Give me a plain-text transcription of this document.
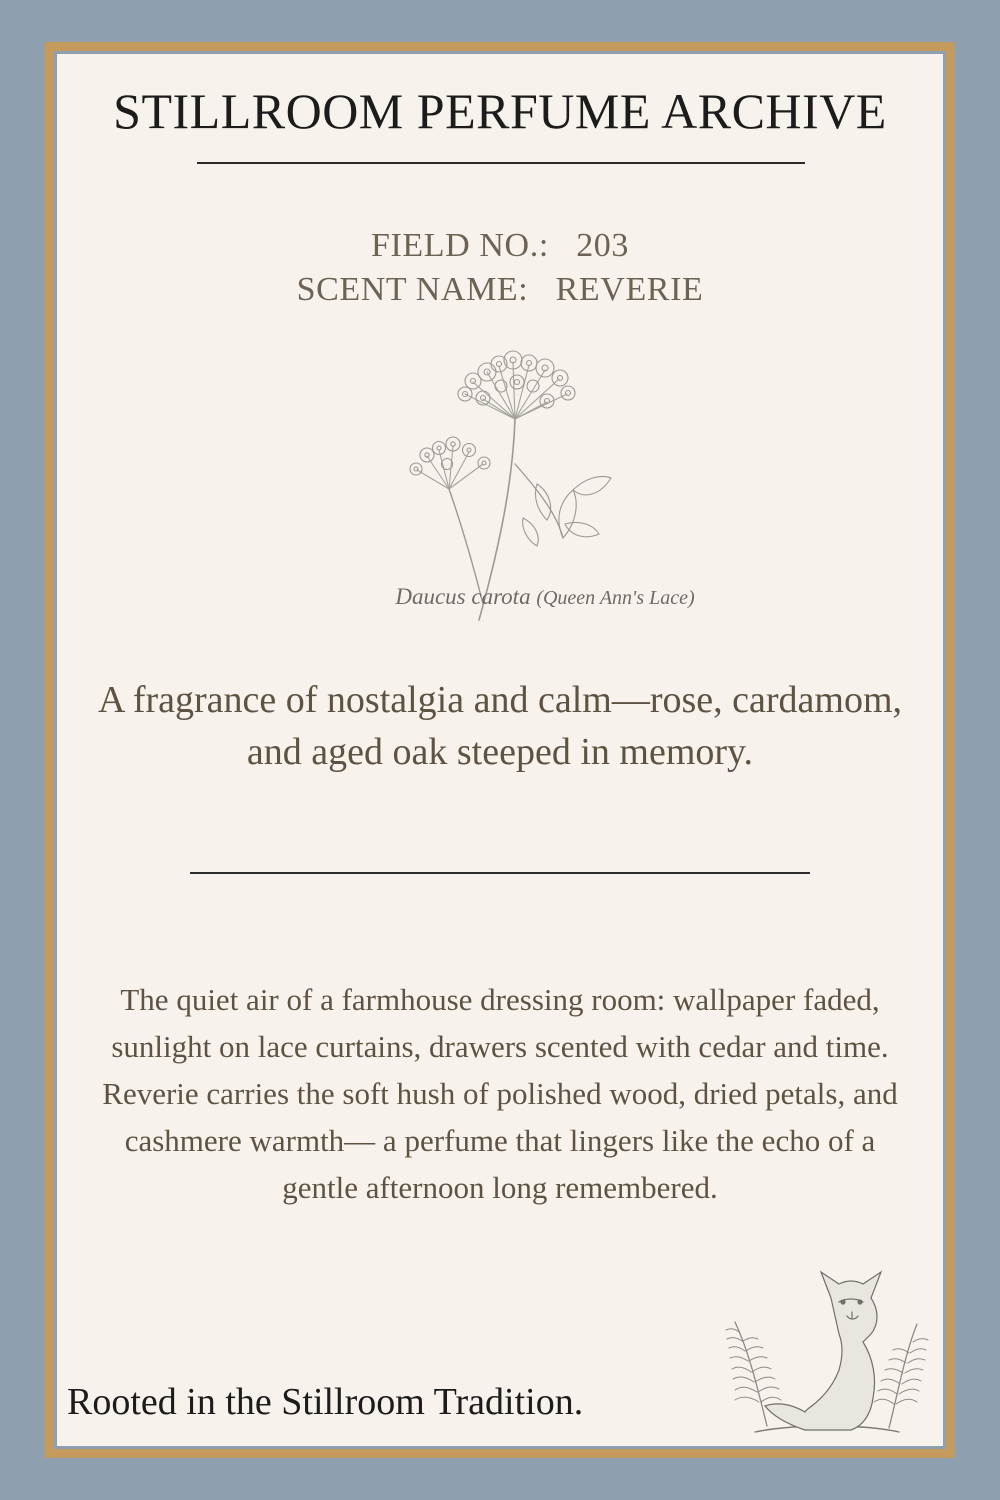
STILLROOM PERFUME ARCHIVE
FIELD NO.: 203
SCENT NAME: REVERIE
Daucus carota (Queen Ann's Lace)
A fragrance of nostalgia and calm—rose, cardamom, and aged oak steeped in memory.
The quiet air of a farmhouse dressing room: wallpaper faded, sunlight on lace curtains, drawers scented with cedar and time. Reverie carries the soft hush of polished wood, dried petals, and cashmere warmth— a perfume that lingers like the echo of a gentle afternoon long remembered.
Rooted in the Stillroom Tradition.
